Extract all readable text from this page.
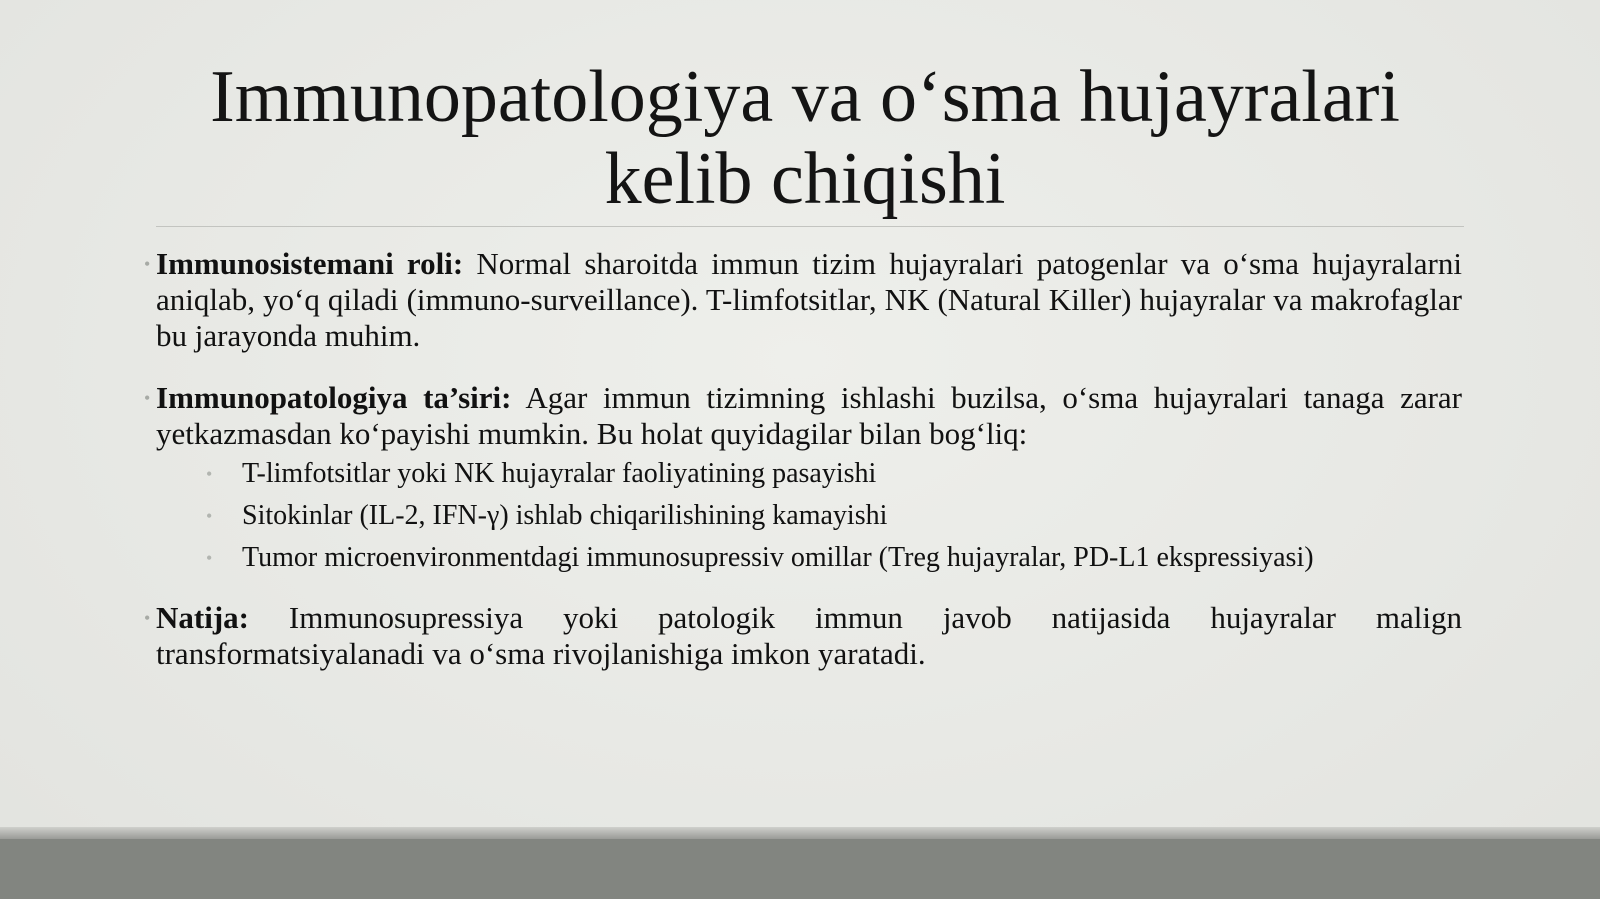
Immunopatologiya va o‘sma hujayralari
kelib chiqishi

• Immunosistemani roli: Normal sharoitda immun tizim hujayralari patogenlar va o‘sma hujayralarni aniqlab, yo‘q qiladi (immuno-surveillance). T-limfotsitlar, NK (Natural Killer) hujayralar va makrofaglar bu jarayonda muhim.

• Immunopatologiya ta’siri: Agar immun tizimning ishlashi buzilsa, o‘sma hujayralari tanaga zarar yetkazmasdan ko‘payishi mumkin. Bu holat quyidagilar bilan bog‘liq:
• T-limfotsitlar yoki NK hujayralar faoliyatining pasayishi
• Sitokinlar (IL-2, IFN-γ) ishlab chiqarilishining kamayishi
• Tumor microenvironmentdagi immunosupressiv omillar (Treg hujayralar, PD-L1 ekspressiyasi)

• Natija: Immunosupressiya yoki patologik immun javob natijasida hujayralar malign transformatsiyalanadi va o‘sma rivojlanishiga imkon yaratadi.
